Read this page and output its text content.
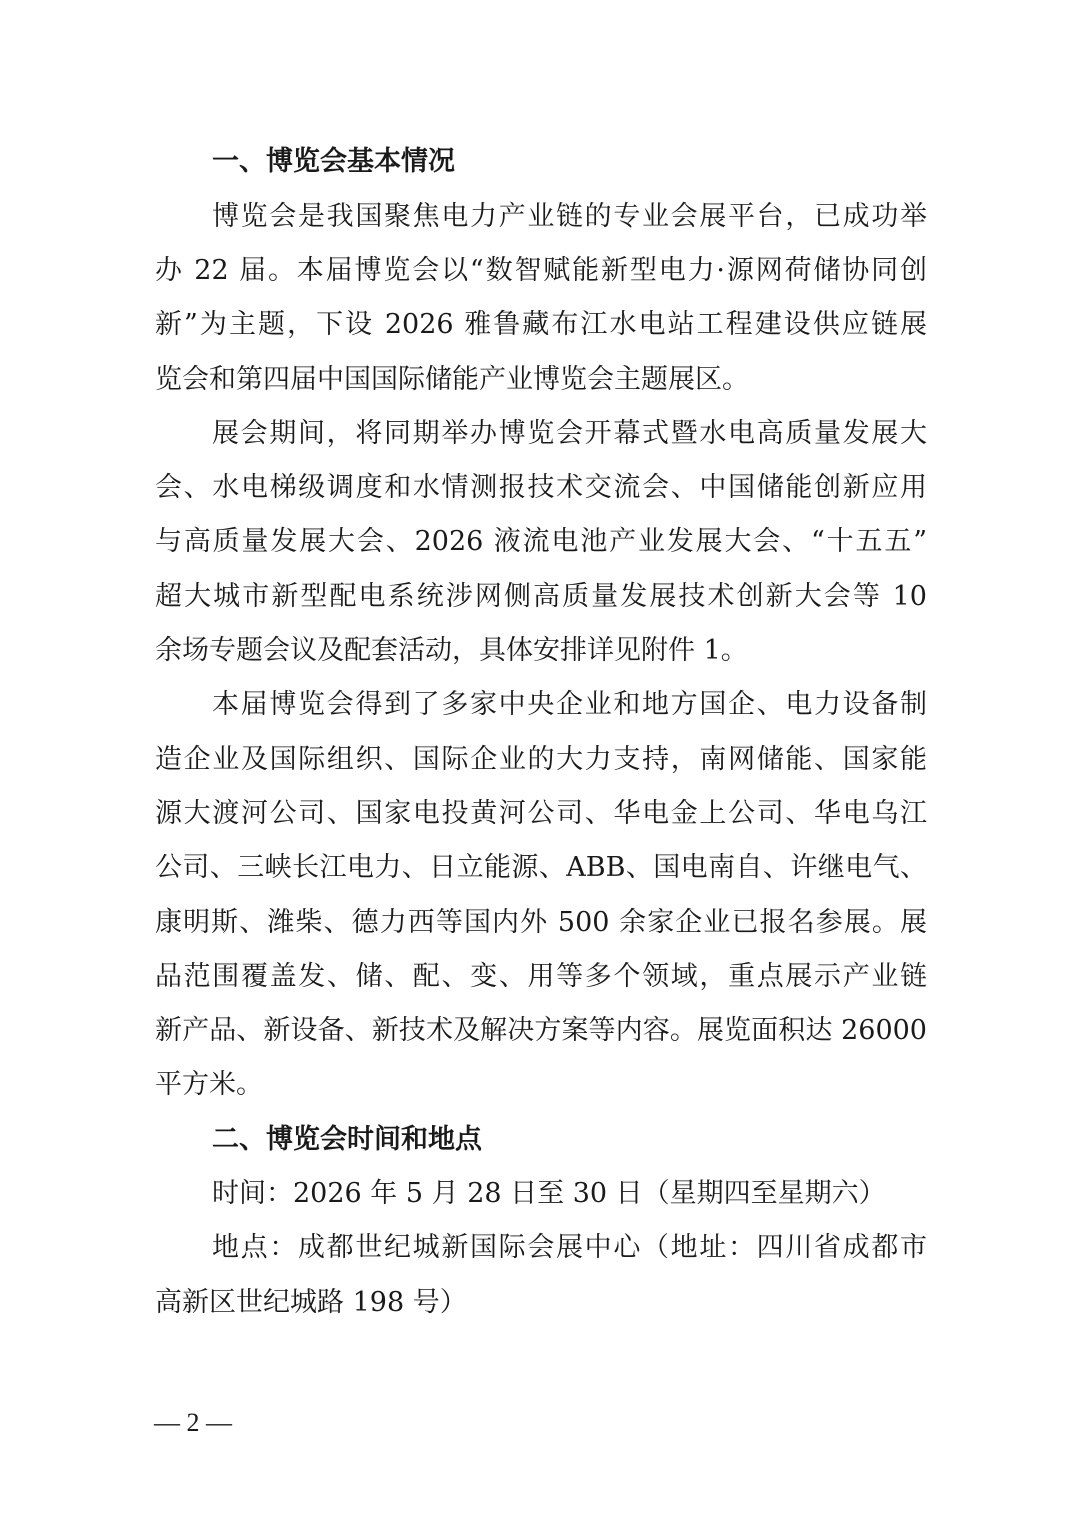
一、博览会基本情况
博览会是我国聚焦电力产业链的专业会展平台，已成功举
办 22 届。本届博览会以“数智赋能新型电力·源网荷储协同创
新”为主题，下设 2026 雅鲁藏布江水电站工程建设供应链展
览会和第四届中国国际储能产业博览会主题展区。
展会期间，将同期举办博览会开幕式暨水电高质量发展大
会、水电梯级调度和水情测报技术交流会、中国储能创新应用
与高质量发展大会、2026 液流电池产业发展大会、“十五五”
超大城市新型配电系统涉网侧高质量发展技术创新大会等 10
余场专题会议及配套活动，具体安排详见附件 1。
本届博览会得到了多家中央企业和地方国企、电力设备制
造企业及国际组织、国际企业的大力支持，南网储能、国家能
源大渡河公司、国家电投黄河公司、华电金上公司、华电乌江
公司、三峡长江电力、日立能源、ABB、国电南自、许继电气、
康明斯、潍柴、德力西等国内外 500 余家企业已报名参展。展
品范围覆盖发、储、配、变、用等多个领域，重点展示产业链
新产品、新设备、新技术及解决方案等内容。展览面积达 26000
平方米。
二、博览会时间和地点
时间：2026 年 5 月 28 日至 30 日（星期四至星期六）
地点：成都世纪城新国际会展中心（地址：四川省成都市
高新区世纪城路 198 号）
— 2 —
